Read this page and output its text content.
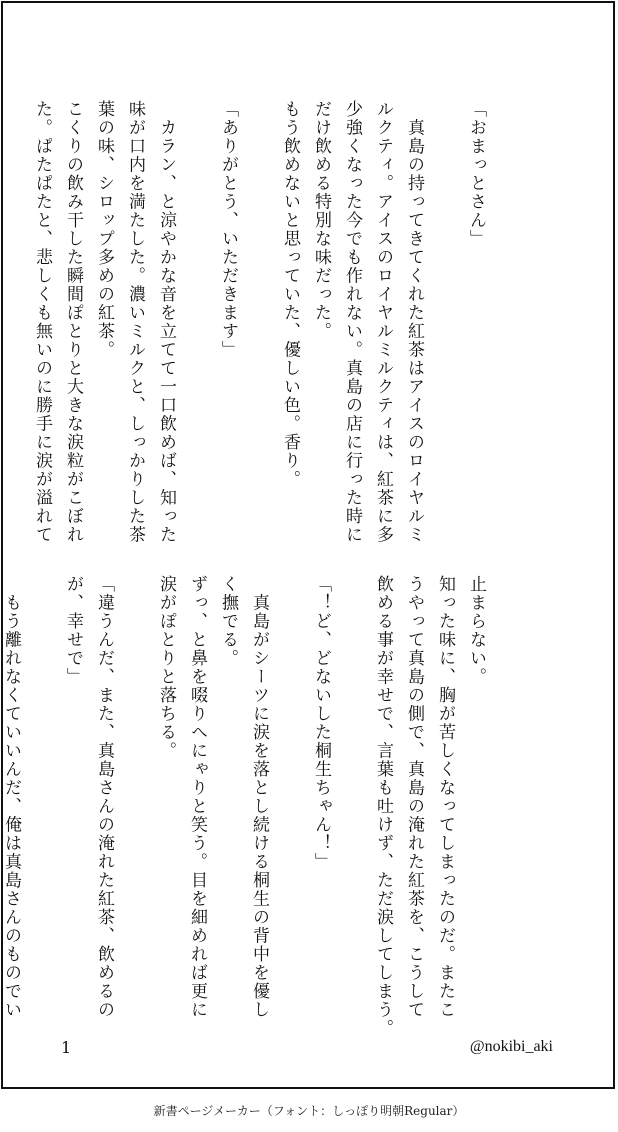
「おまっとさん」

　真島の持ってきてくれた紅茶はアイスのロイヤルミ
ルクティ。アイスのロイヤルミルクティは、紅茶に多
少強くなった今でも作れない。真島の店に行った時に
だけ飲める特別な味だった。
もう飲めないと思っていた、優しい色。香り。

「ありがとう、いただきます」

　カラン、と涼やかな音を立てて一口飲めば、知った
味が口内を満たした。濃いミルクと、しっかりした茶
葉の味、シロップ多めの紅茶。
こくりの飲み干した瞬間ぽとりと大きな涙粒がこぼれ
た。ぱたぱたと、悲しくも無いのに勝手に涙が溢れて
止まらない。
知った味に、胸が苦しくなってしまったのだ。またこ
うやって真島の側で、真島の淹れた紅茶を、こうして
飲める事が幸せで、言葉も吐けず、ただ涙してしまう。

「！ど、どないした桐生ちゃん！」

　真島がシーツに涙を落とし続ける桐生の背中を優し
く撫でる。
ずっ、と鼻を啜りへにゃりと笑う。目を細めれば更に
涙がぽとりと落ちる。

「違うんだ、また、真島さんの淹れた紅茶、飲めるの
が、幸せで」

　もう離れなくていいんだ、俺は真島さんのものでい
1	@nokibi_aki
新書ページメーカー（フォント：しっぽり明朝Regular）
